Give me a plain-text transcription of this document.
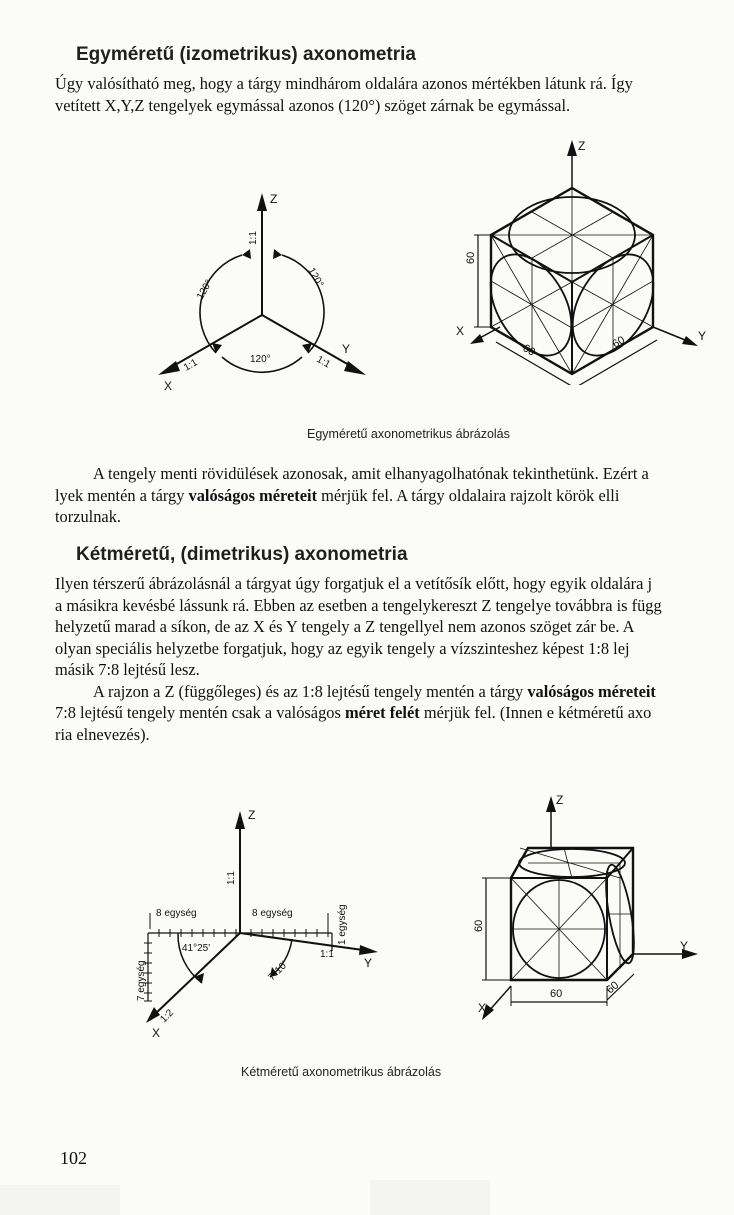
Egyméretű (izometrikus) axonometria
Úgy valósítható meg, hogy a tárgy mindhárom oldalára azonos mértékben látunk rá. Így
vetített X,Y,Z tengelyek egymással azonos (120°) szöget zárnak be egymással.
Z
X
Y
1:1
1:1	1:1
120°
120°
120°
Z
X	Y
60
60	60
Egyméretű axonometrikus ábrázolás
A tengely menti rövidülések azonosak, amit elhanyagolhatónak tekinthetünk. Ezért a
lyek mentén a tárgy valóságos méreteit mérjük fel. A tárgy oldalaira rajzolt körök elli
torzulnak.
Kétméretű, (dimetrikus) axonometria
Ilyen térszerű ábrázolásnál a tárgyat úgy forgatjuk el a vetítősík előtt, hogy egyik oldalára j
a másikra kevésbé lássunk rá. Ebben az esetben a tengelykereszt Z tengelye továbbra is függ
helyzetű marad a síkon, de az X és Y tengely a Z tengellyel nem azonos szöget zár be. A
olyan speciális helyzetbe forgatjuk, hogy az egyik tengely a vízszinteshez képest 1:8 lej
másik 7:8 lejtésű lesz.
A rajzon a Z (függőleges) és az 1:8 lejtésű tengely mentén a tárgy valóságos méreteit
7:8 lejtésű tengely mentén csak a valóságos méret felét mérjük fel. (Innen e kétméretű axo
ria elnevezés).
Z
X
Y
1:1
1:2
1:1
8 egység	8 egység
7 egység
1 egység
41°25'
7°10'
Z
X
Y
60
60	60
Kétméretű axonometrikus ábrázolás
102
